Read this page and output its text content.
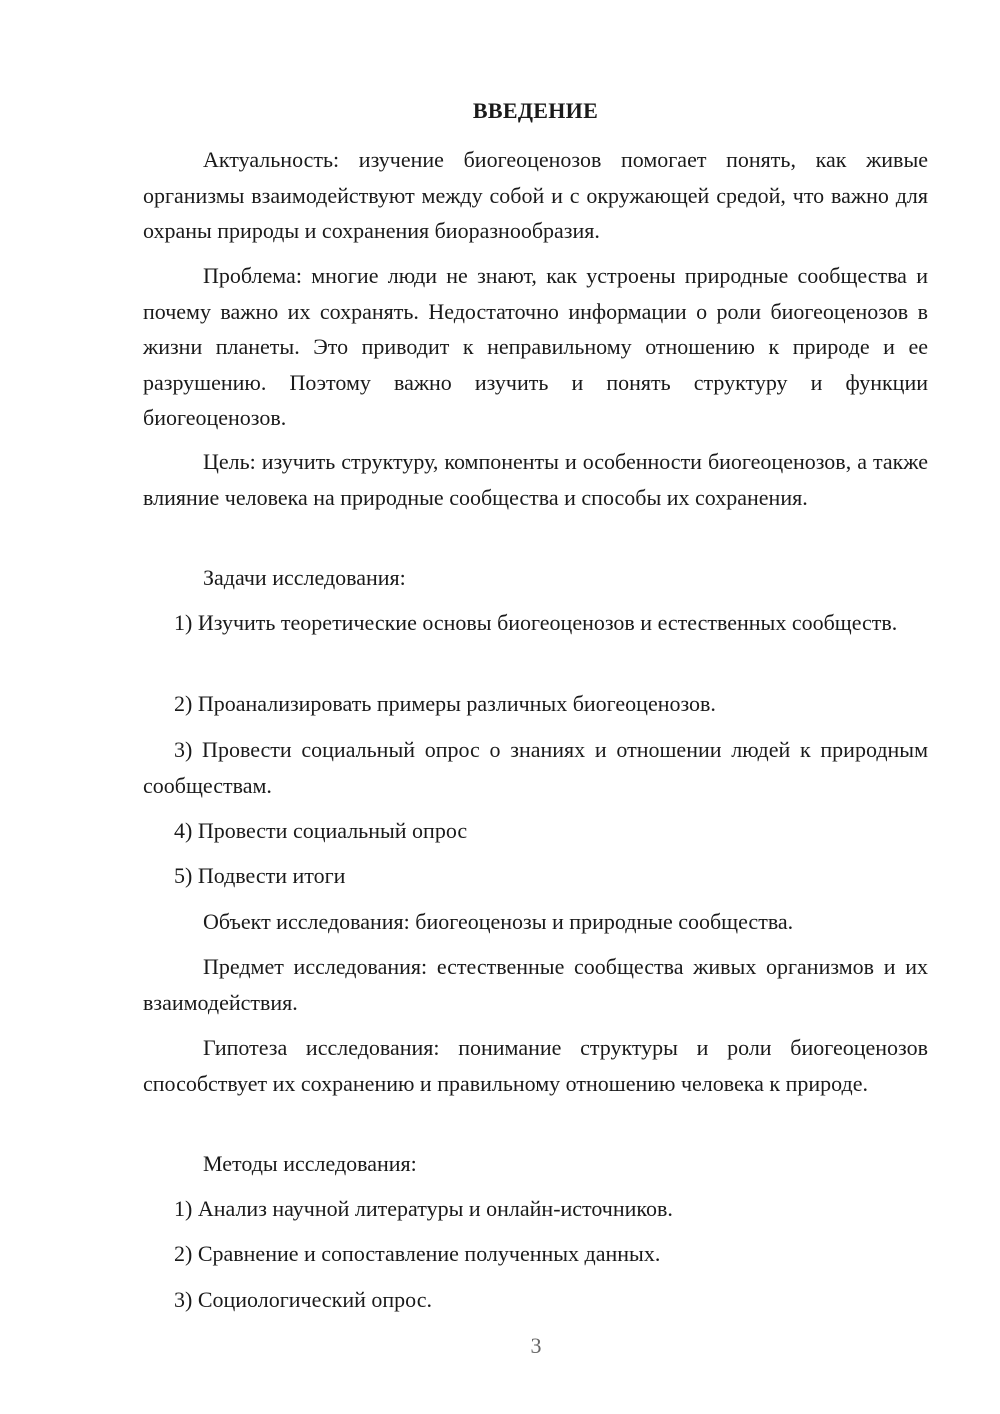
ВВЕДЕНИЕ
Актуальность: изучение биогеоценозов помогает понять, как живые организмы взаимодействуют между собой и с окружающей средой, что важно для охраны природы и сохранения биоразнообразия.
Проблема: многие люди не знают, как устроены природные сообщества и почему важно их сохранять. Недостаточно информации о роли биогеоценозов в жизни планеты. Это приводит к неправильному отношению к природе и ее разрушению. Поэтому важно изучить и понять структуру и функции биогеоценозов.
Цель: изучить структуру, компоненты и особенности биогеоценозов, а также влияние человека на природные сообщества и способы их сохранения.
Задачи исследования:
1) Изучить теоретические основы биогеоценозов и естественных сообществ.
2) Проанализировать примеры различных биогеоценозов.
3) Провести социальный опрос о знаниях и отношении людей к природным сообществам.
4) Провести социальный опрос
5) Подвести итоги
Объект исследования: биогеоценозы и природные сообщества.
Предмет исследования: естественные сообщества живых организмов и их взаимодействия.
Гипотеза исследования: понимание структуры и роли биогеоценозов способствует их сохранению и правильному отношению человека к природе.
Методы исследования:
1) Анализ научной литературы и онлайн-источников.
2) Сравнение и сопоставление полученных данных.
3) Социологический опрос.
3
